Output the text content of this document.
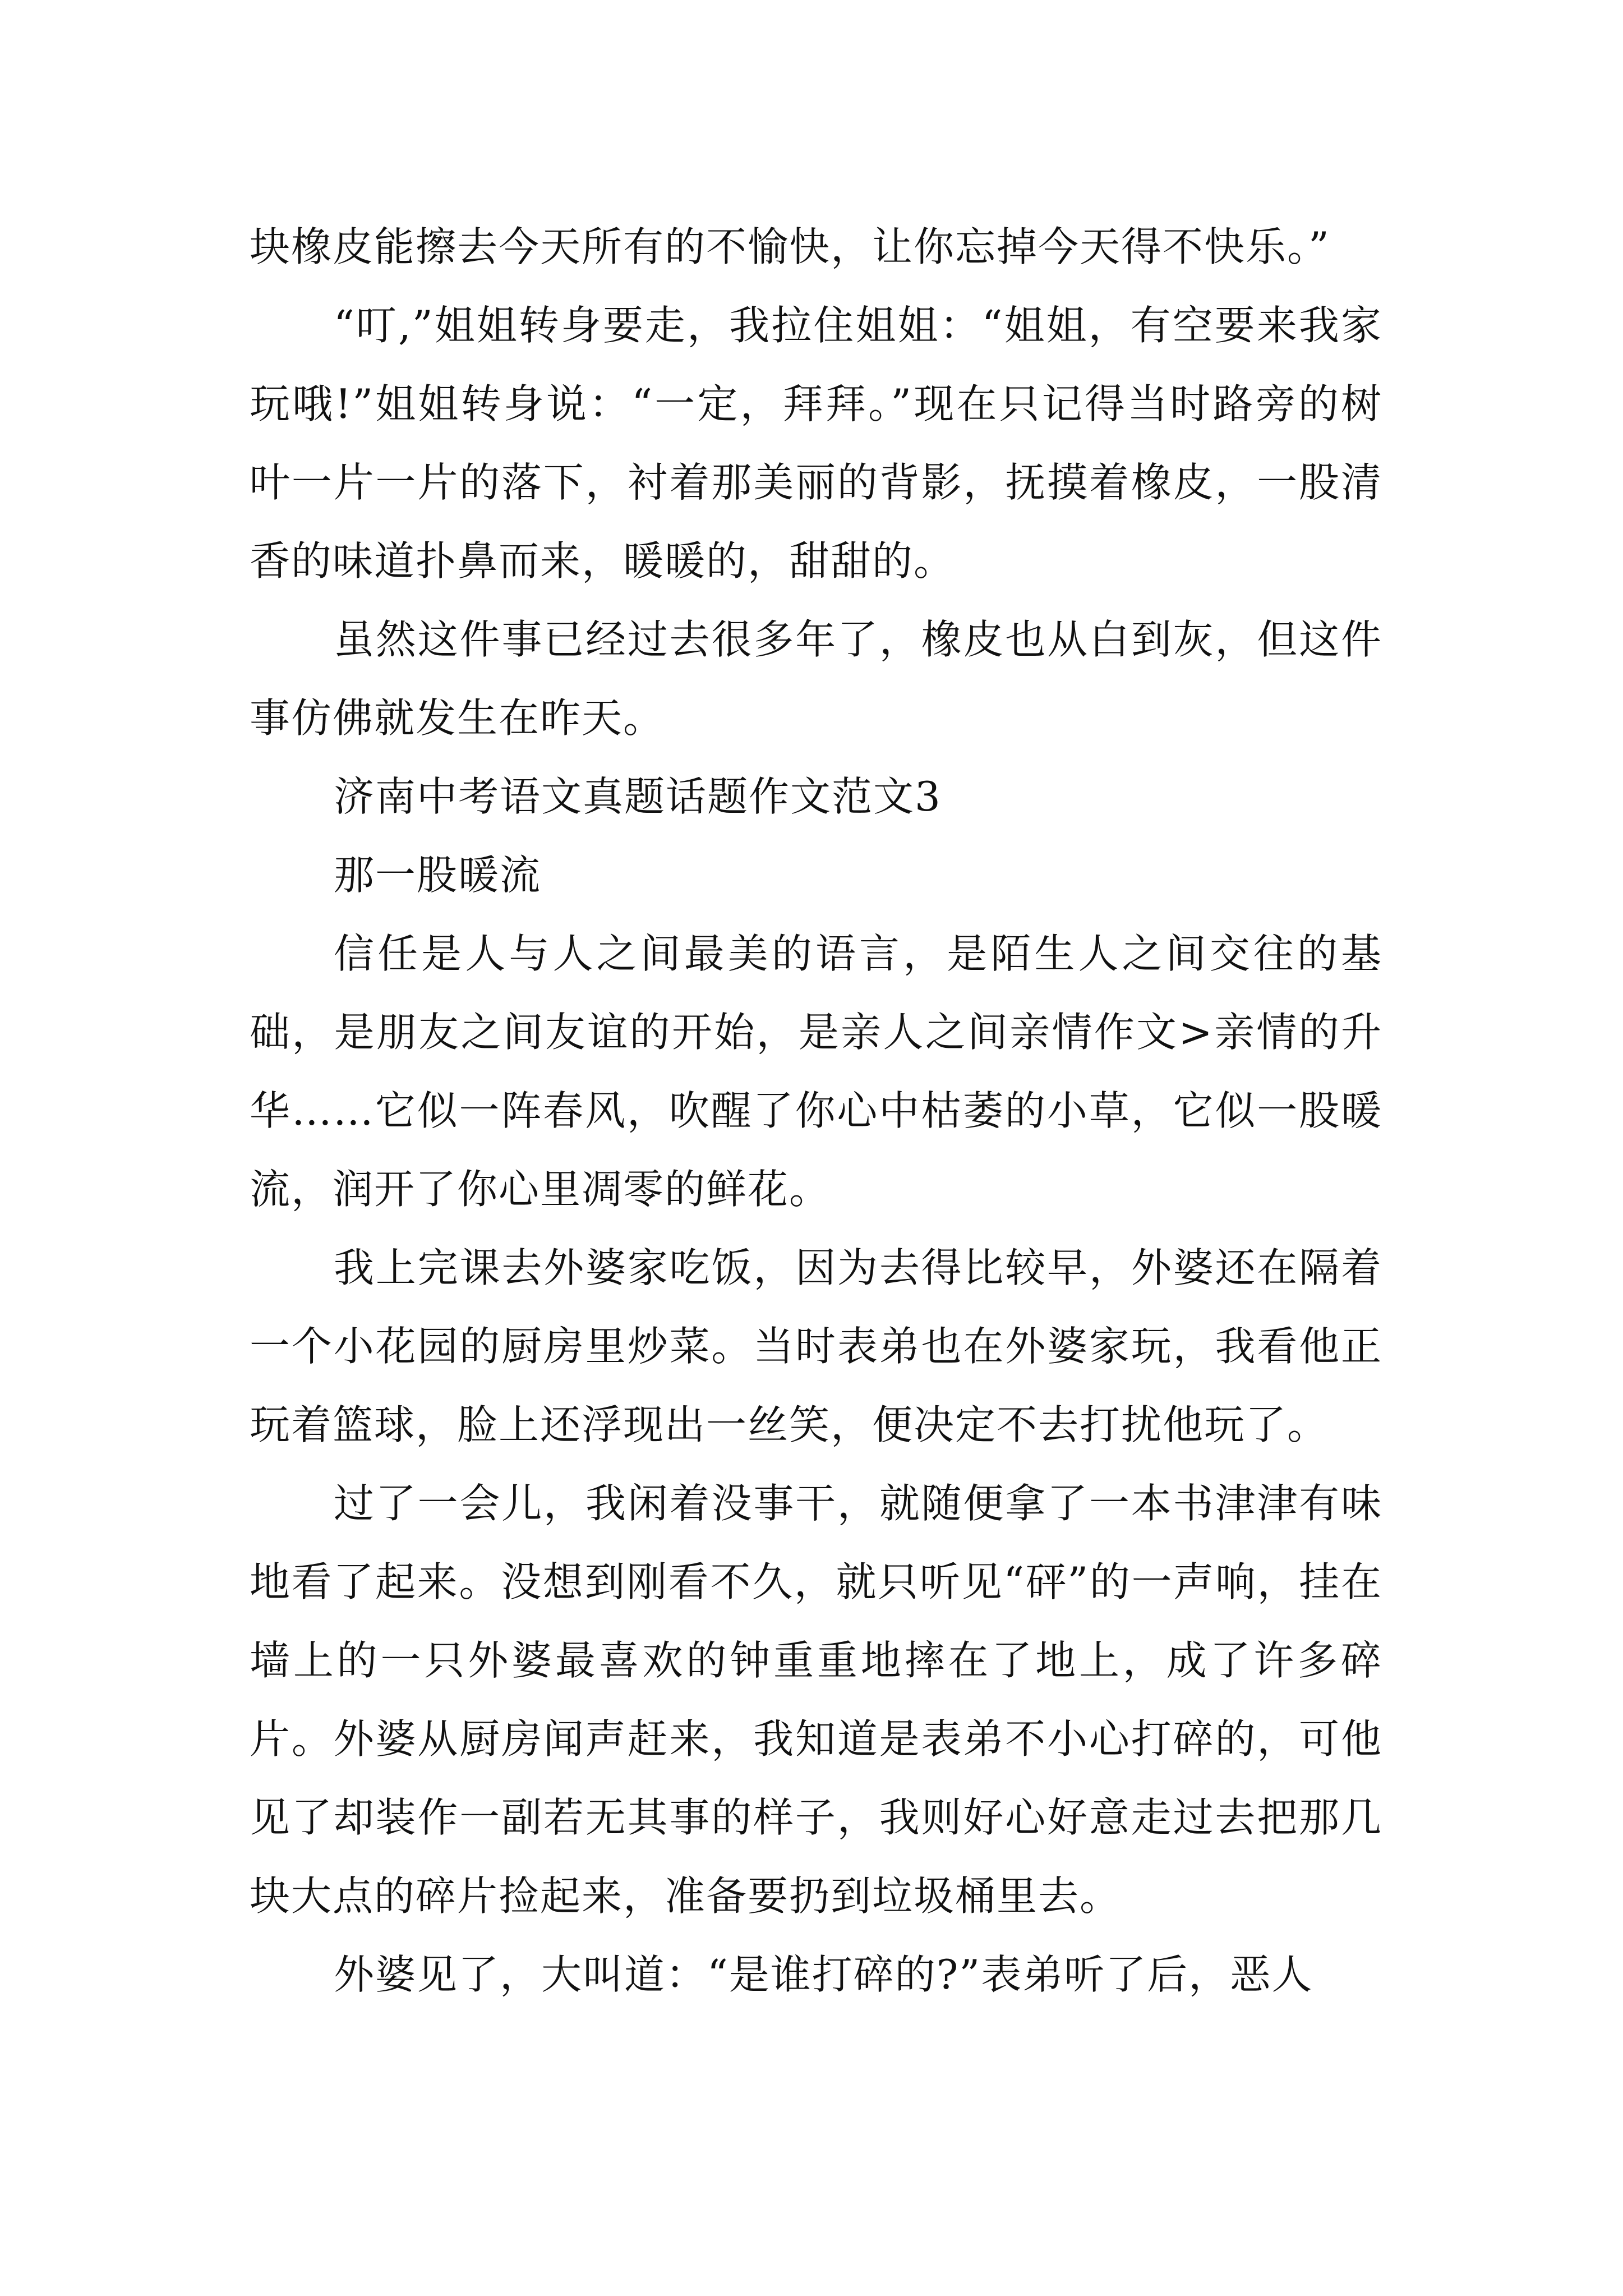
块橡皮能擦去今天所有的不愉快，让你忘掉今天得不快乐。”

“叮,”姐姐转身要走，我拉住姐姐：“姐姐，有空要来我家玩哦!”姐姐转身说：“一定，拜拜。”现在只记得当时路旁的树叶一片一片的落下，衬着那美丽的背影，抚摸着橡皮，一股清香的味道扑鼻而来，暖暖的，甜甜的。

虽然这件事已经过去很多年了，橡皮也从白到灰，但这件事仿佛就发生在昨天。

济南中考语文真题话题作文范文3

那一股暖流

信任是人与人之间最美的语言，是陌生人之间交往的基础，是朋友之间友谊的开始，是亲人之间亲情作文>亲情的升华……它似一阵春风，吹醒了你心中枯萎的小草，它似一股暖流，润开了你心里凋零的鲜花。

我上完课去外婆家吃饭，因为去得比较早，外婆还在隔着一个小花园的厨房里炒菜。当时表弟也在外婆家玩，我看他正玩着篮球，脸上还浮现出一丝笑，便决定不去打扰他玩了。

过了一会儿，我闲着没事干，就随便拿了一本书津津有味地看了起来。没想到刚看不久，就只听见“砰”的一声响，挂在墙上的一只外婆最喜欢的钟重重地摔在了地上，成了许多碎片。外婆从厨房闻声赶来，我知道是表弟不小心打碎的，可他见了却装作一副若无其事的样子，我则好心好意走过去把那几块大点的碎片捡起来，准备要扔到垃圾桶里去。

外婆见了，大叫道：“是谁打碎的?”表弟听了后，恶人
